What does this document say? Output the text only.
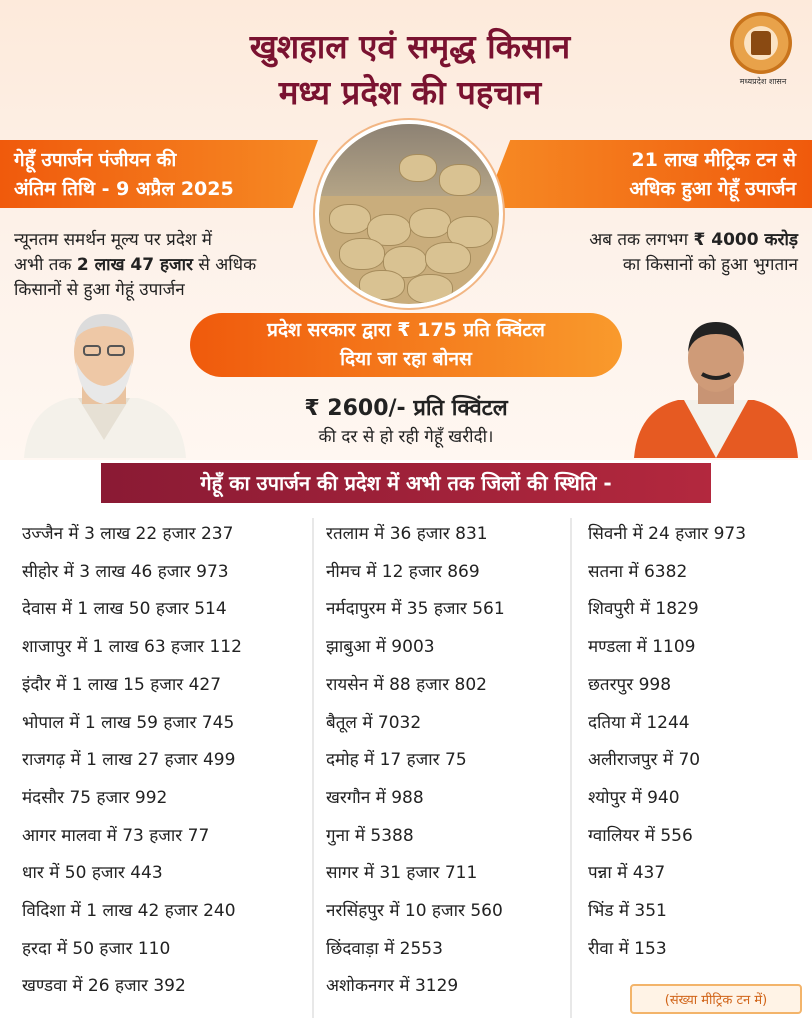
खुशहाल एवं समृद्ध किसान
मध्य प्रदेश की पहचान	मध्यप्रदेश शासन
गेहूँ उपार्जन पंजीयन की
अंतिम तिथि - 9 अप्रैल 2025
21 लाख मीट्रिक टन से
अधिक हुआ गेहूँ उपार्जन
न्यूनतम समर्थन मूल्य पर प्रदेश में
अभी तक 2 लाख 47 हजार से अधिक
किसानों से हुआ गेहूं उपार्जन
अब तक लगभग ₹ 4000 करोड़
का किसानों को हुआ भुगतान
प्रदेश सरकार द्वारा ₹ 175 प्रति क्विंटल
दिया जा रहा बोनस
₹ 2600/- प्रति क्विंटल
की दर से हो रही गेहूँ खरीदी।
गेहूँ का उपार्जन की प्रदेश में अभी तक जिलों की स्थिति -
उज्जैन में 3 लाख 22 हजार 237
सीहोर में 3 लाख 46 हजार 973
देवास में 1 लाख 50 हजार 514
शाजापुर में 1 लाख 63 हजार 112
इंदौर में 1 लाख 15 हजार 427
भोपाल में 1 लाख 59 हजार 745
राजगढ़ में 1 लाख 27 हजार 499
मंदसौर 75 हजार 992
आगर मालवा में 73 हजार 77
धार में 50 हजार 443
विदिशा में 1 लाख 42 हजार 240
हरदा में 50 हजार 110
खण्डवा में 26 हजार 392
रतलाम में 36 हजार 831
नीमच में 12 हजार 869
नर्मदापुरम में 35 हजार 561
झाबुआ में 9003
रायसेन में 88 हजार 802
बैतूल में 7032
दमोह में 17 हजार 75
खरगौन में 988
गुना में 5388
सागर में 31 हजार 711
नरसिंहपुर में 10 हजार 560
छिंदवाड़ा में 2553
अशोकनगर में 3129
सिवनी में 24 हजार 973
सतना में 6382
शिवपुरी में 1829
मण्डला में 1109
छतरपुर 998
दतिया में 1244
अलीराजपुर में 70
श्योपुर में 940
ग्वालियर में 556
पन्ना में 437
भिंड में 351
रीवा में 153
(संख्या मीट्रिक टन में)
